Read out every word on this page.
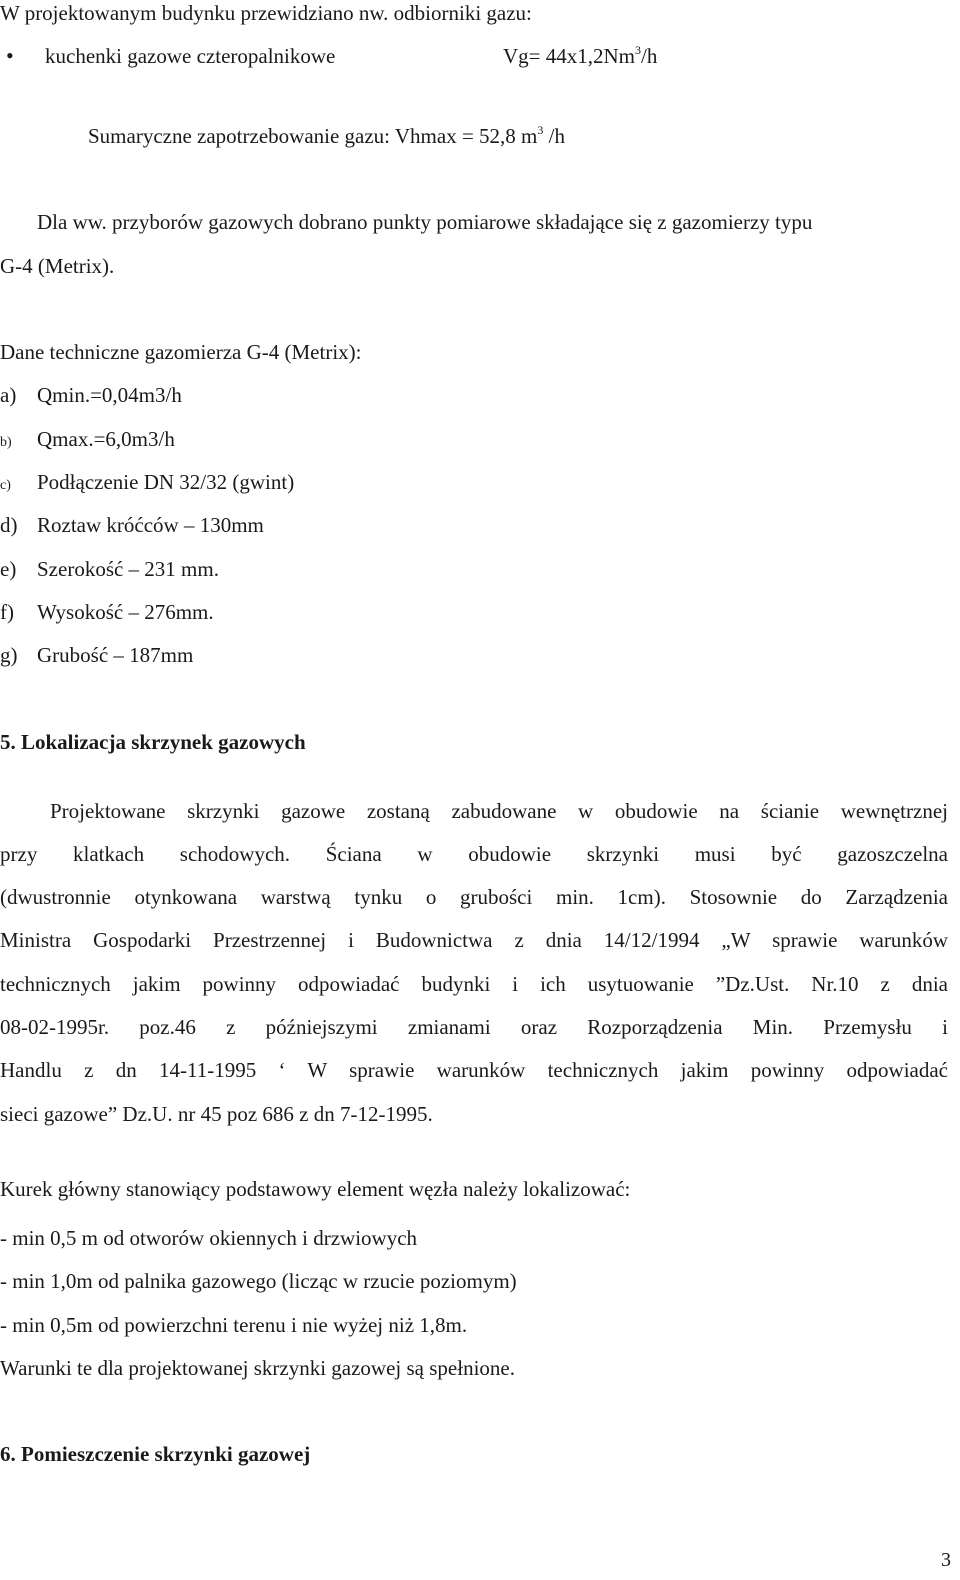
W projektowanym budynku przewidziano nw. odbiorniki gazu:
• kuchenki gazowe czteropalnikowe	$Vg= 44x1,2Nm^3/h$
Sumaryczne zapotrzebowanie gazu: Vhmax = 52,8 $m^3$ /h
Dla ww. przyborów gazowych dobrano punkty pomiarowe składające się z gazomierzy typu
G-4 (Metrix).
Dane techniczne gazomierza G-4 (Metrix):
a) Qmin.=0,04m3/h
b) Qmax.=6,0m3/h
c) Podłączenie DN 32/32 (gwint)
d) Roztaw króćców – 130mm
e) Szerokość – 231 mm.
f) Wysokość – 276mm.
g) Grubość – 187mm
5. Lokalizacja skrzynek gazowych
Projektowane skrzynki gazowe zostaną zabudowane w obudowie na ścianie wewnętrznej
przy klatkach schodowych. Ściana w obudowie skrzynki musi być gazoszczelna
(dwustronnie otynkowana warstwą tynku o grubości min. 1cm). Stosownie do Zarządzenia
Ministra Gospodarki Przestrzennej i Budownictwa z dnia 14/12/1994 „W sprawie warunków
technicznych jakim powinny odpowiadać budynki i ich usytuowanie ”Dz.Ust. Nr.10 z dnia
08-02-1995r. poz.46 z późniejszymi zmianami oraz Rozporządzenia Min. Przemysłu i
Handlu z dn 14-11-1995 ‘ W sprawie warunków technicznych jakim powinny odpowiadać
sieci gazowe” Dz.U. nr 45 poz 686 z dn 7-12-1995.
Kurek główny stanowiący podstawowy element węzła należy lokalizować:
- min 0,5 m od otworów okiennych i drzwiowych
- min 1,0m od palnika gazowego (licząc w rzucie poziomym)
- min 0,5m od powierzchni terenu i nie wyżej niż 1,8m.
Warunki te dla projektowanej skrzynki gazowej są spełnione.
6. Pomieszczenie skrzynki gazowej
3
